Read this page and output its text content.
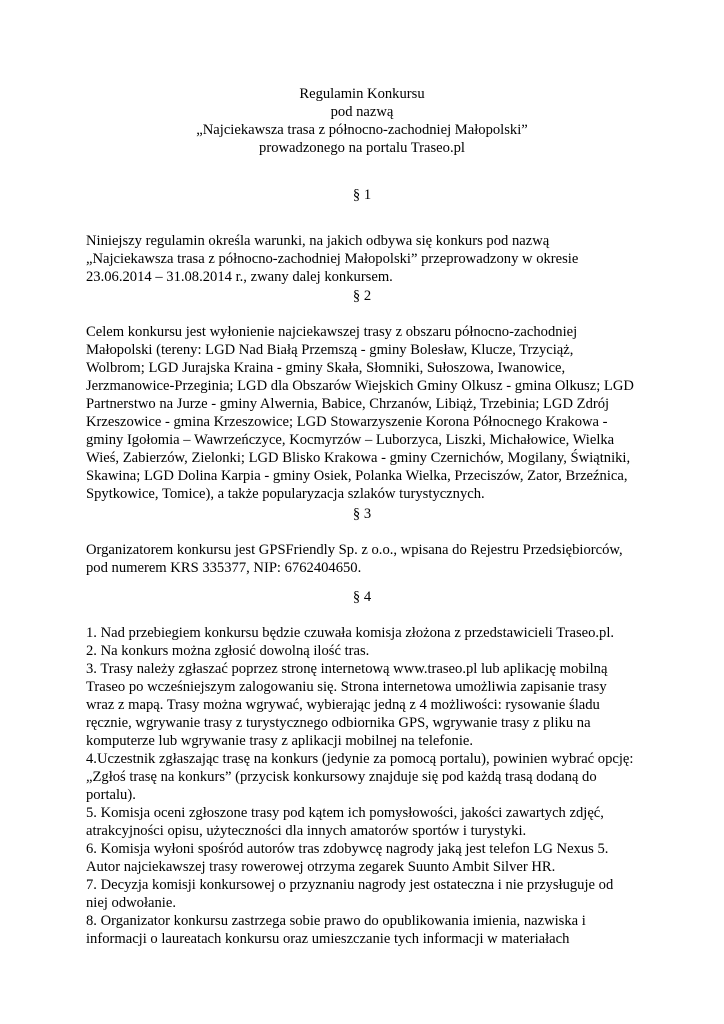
Regulamin Konkursu
pod nazwą
„Najciekawsza trasa z północno-zachodniej Małopolski”
prowadzonego na portalu Traseo.pl
§ 1
Niniejszy regulamin określa warunki, na jakich odbywa się konkurs pod nazwą
„Najciekawsza trasa z północno-zachodniej Małopolski” przeprowadzony w okresie
23.06.2014 – 31.08.2014 r., zwany dalej konkursem.
§ 2
Celem konkursu jest wyłonienie najciekawszej trasy z obszaru północno-zachodniej
Małopolski (tereny: LGD Nad Białą Przemszą - gminy Bolesław, Klucze, Trzyciąż,
Wolbrom; LGD Jurajska Kraina - gminy Skała, Słomniki, Sułoszowa, Iwanowice,
Jerzmanowice-Przeginia; LGD dla Obszarów Wiejskich Gminy Olkusz - gmina Olkusz; LGD
Partnerstwo na Jurze - gminy Alwernia, Babice, Chrzanów, Libiąż, Trzebinia; LGD Zdrój
Krzeszowice - gmina Krzeszowice; LGD Stowarzyszenie Korona Północnego Krakowa -
gminy Igołomia – Wawrzeńczyce, Kocmyrzów – Luborzyca, Liszki, Michałowice, Wielka
Wieś, Zabierzów, Zielonki; LGD Blisko Krakowa - gminy Czernichów, Mogilany, Świątniki,
Skawina; LGD Dolina Karpia - gminy Osiek, Polanka Wielka, Przeciszów, Zator, Brzeźnica,
Spytkowice, Tomice), a także popularyzacja szlaków turystycznych.
§ 3
Organizatorem konkursu jest GPSFriendly Sp. z o.o., wpisana do Rejestru Przedsiębiorców,
pod numerem KRS 335377, NIP: 6762404650.
§ 4
1. Nad przebiegiem konkursu będzie czuwała komisja złożona z przedstawicieli Traseo.pl.
2. Na konkurs można zgłosić dowolną ilość tras.
3. Trasy należy zgłaszać poprzez stronę internetową www.traseo.pl lub aplikację mobilną
Traseo po wcześniejszym zalogowaniu się. Strona internetowa umożliwia zapisanie trasy
wraz z mapą. Trasy można wgrywać, wybierając jedną z 4 możliwości: rysowanie śladu
ręcznie, wgrywanie trasy z turystycznego odbiornika GPS, wgrywanie trasy z pliku na
komputerze lub wgrywanie trasy z aplikacji mobilnej na telefonie.
4.Uczestnik zgłaszając trasę na konkurs (jedynie za pomocą portalu), powinien wybrać opcję:
„Zgłoś trasę na konkurs” (przycisk konkursowy znajduje się pod każdą trasą dodaną do
portalu).
5. Komisja oceni zgłoszone trasy pod kątem ich pomysłowości, jakości zawartych zdjęć,
atrakcyjności opisu, użyteczności dla innych amatorów sportów i turystyki.
6. Komisja wyłoni spośród autorów tras zdobywcę nagrody jaką jest telefon LG Nexus 5.
Autor najciekawszej trasy rowerowej otrzyma zegarek Suunto Ambit Silver HR.
7. Decyzja komisji konkursowej o przyznaniu nagrody jest ostateczna i nie przysługuje od
niej odwołanie.
8. Organizator konkursu zastrzega sobie prawo do opublikowania imienia, nazwiska i
informacji o laureatach konkursu oraz umieszczanie tych informacji w materiałach
